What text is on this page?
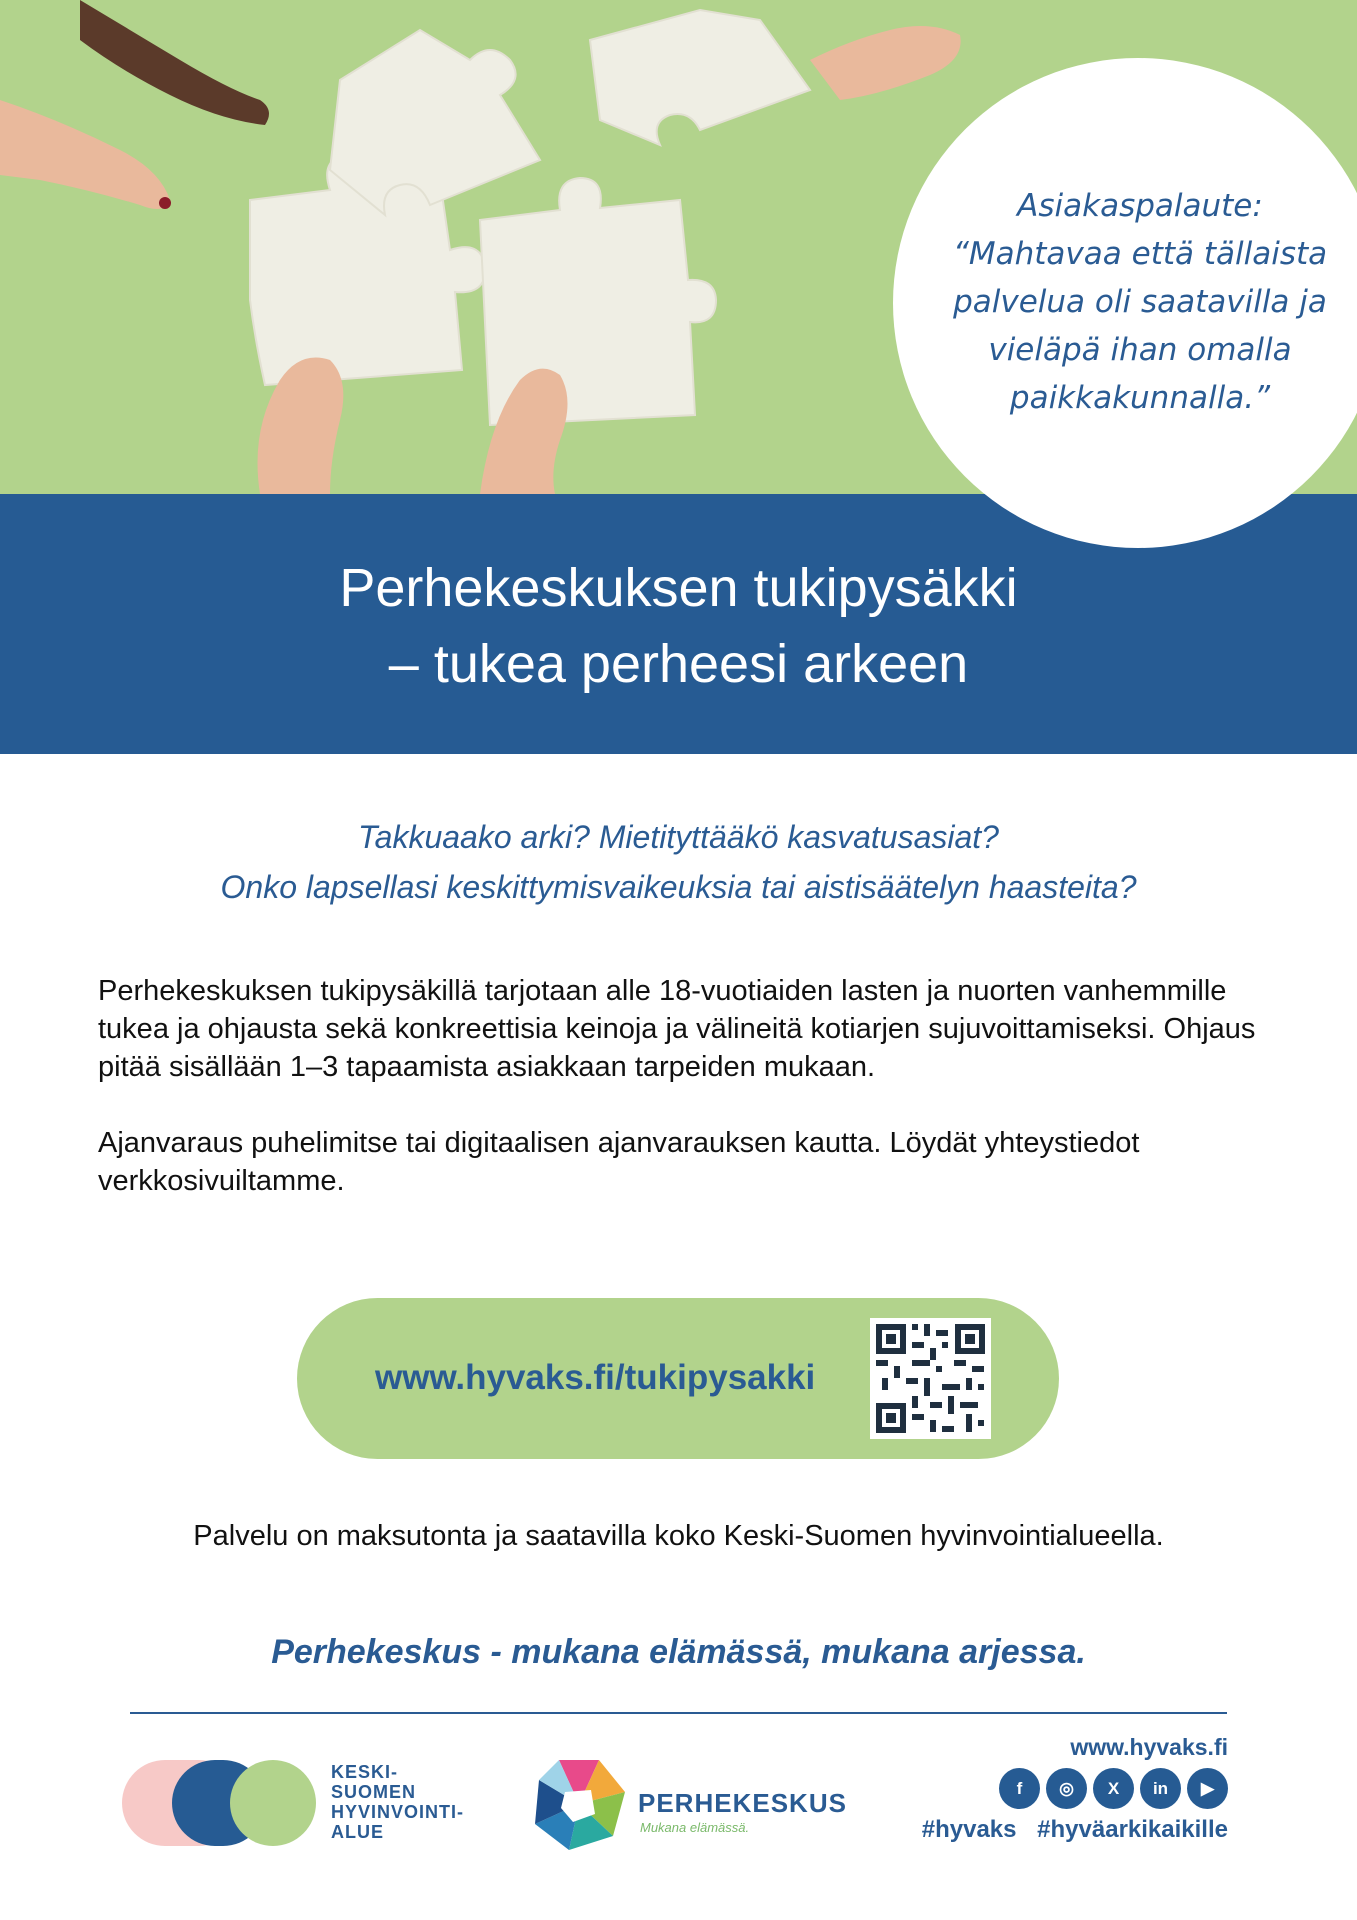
Asiakaspalaute:
“Mahtavaa että tällaista
palvelua oli saatavilla ja
vieläpä ihan omalla
paikkakunnalla.”
Perhekeskuksen tukipysäkki
– tukea perheesi arkeen
Takkuaako arki? Mietityttääkö kasvatusasiat?
Onko lapsellasi keskittymisvaikeuksia tai aistisäätelyn haasteita?

Perhekeskuksen tukipysäkillä tarjotaan alle 18-vuotiaiden lasten ja nuorten vanhemmille tukea ja ohjausta sekä konkreettisia keinoja ja välineitä kotiarjen sujuvoittamiseksi. Ohjaus pitää sisällään 1–3 tapaamista asiakkaan tarpeiden mukaan.

Ajanvaraus puhelimitse tai digitaalisen ajanvarauksen kautta. Löydät yhteystiedot verkkosivuiltamme.

www.hyvaks.fi/tukipysakki
Palvelu on maksutonta ja saatavilla koko Keski-Suomen hyvinvointialueella.
Perhekeskus - mukana elämässä, mukana arjessa.
KESKI-
SUOMEN
HYVINVOINTI-
ALUE
PERHEKESKUS
Mukana elämässä.
www.hyvaks.fi
f	◎	X	in	▶
#hyvaks #hyväarkikaikille
